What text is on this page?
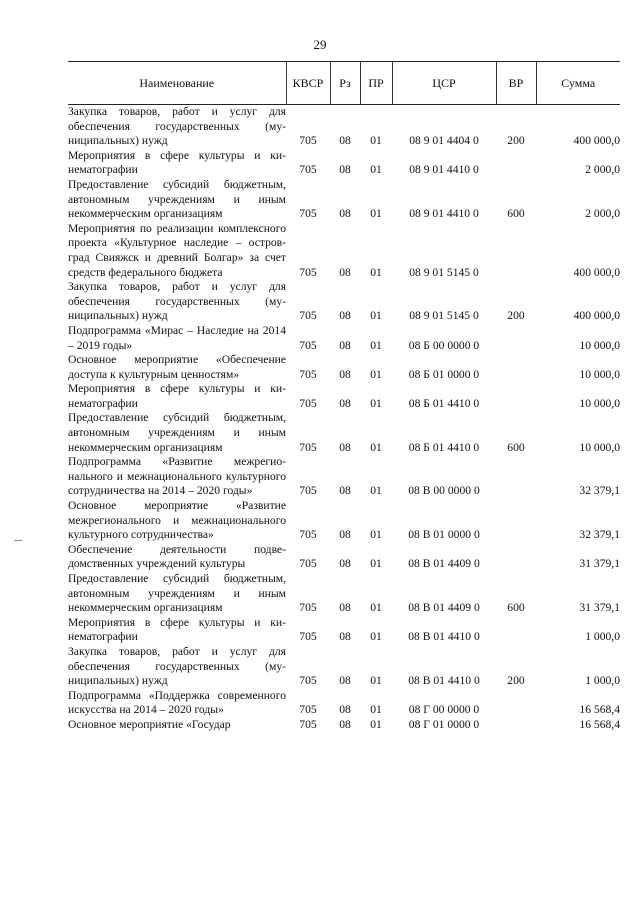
29
Наименование	КВСР	Рз	ПР	ЦСР	ВР	Сумма
Закупка товаров, работ и услуг для обеспечения государственных (муниципальных) нужд	705	08	01	08 9 01 4404 0	200	400 000,0
Мероприятия в сфере культуры и кинематографии	705	08	01	08 9 01 4410 0		2 000,0
Предоставление субсидий бюджетным, автономным учреждениям и иным некоммерческим организациям	705	08	01	08 9 01 4410 0	600	2 000,0
Мероприятия по реализации комплексного проекта «Культурное наследие – остров-град Свияжск и древний Болгар» за счет средств федерального бюджета	705	08	01	08 9 01 5145 0		400 000,0
Закупка товаров, работ и услуг для обеспечения государственных (муниципальных) нужд	705	08	01	08 9 01 5145 0	200	400 000,0
Подпрограмма «Мирас – Наследие на 2014 – 2019 годы»	705	08	01	08 Б 00 0000 0		10 000,0
Основное мероприятие «Обеспечение доступа к культурным ценностям»	705	08	01	08 Б 01 0000 0		10 000,0
Мероприятия в сфере культуры и кинематографии	705	08	01	08 Б 01 4410 0		10 000,0
Предоставление субсидий бюджетным, автономным учреждениям и иным некоммерческим организациям	705	08	01	08 Б 01 4410 0	600	10 000,0
Подпрограмма «Развитие межрегионального и межнационального культурного сотрудничества на 2014 – 2020 годы»	705	08	01	08 В 00 0000 0		32 379,1
Основное мероприятие «Развитие межрегионального и межнационального культурного сотрудничества»	705	08	01	08 В 01 0000 0		32 379,1
Обеспечение деятельности подведомственных учреждений культуры	705	08	01	08 В 01 4409 0		31 379,1
Предоставление субсидий бюджетным, автономным учреждениям и иным некоммерческим организациям	705	08	01	08 В 01 4409 0	600	31 379,1
Мероприятия в сфере культуры и кинематографии	705	08	01	08 В 01 4410 0		1 000,0
Закупка товаров, работ и услуг для обеспечения государственных (муниципальных) нужд	705	08	01	08 В 01 4410 0	200	1 000,0
Подпрограмма «Поддержка современного искусства на 2014 – 2020 годы»	705	08	01	08 Г 00 0000 0		16 568,4
Основное мероприятие «Государ	705	08	01	08 Г 01 0000 0		16 568,4
